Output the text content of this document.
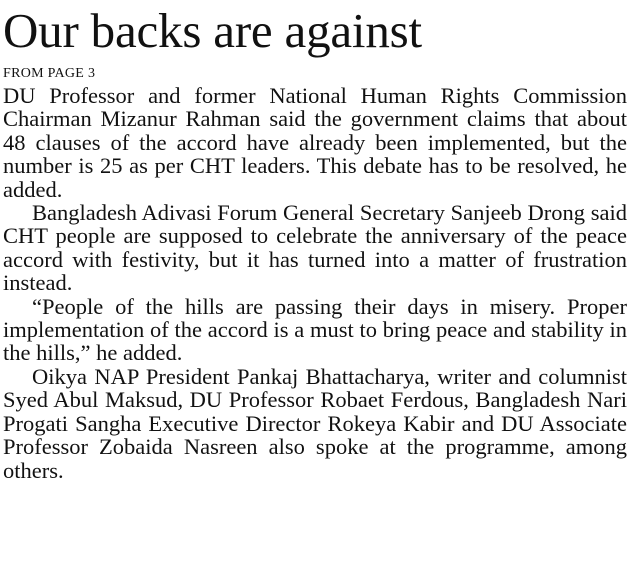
Our backs are against
FROM PAGE 3

DU Professor and former National Human Rights Commission Chairman Mizanur Rahman said the government claims that about 48 clauses of the accord have already been implemented, but the number is 25 as per CHT leaders. This debate has to be resolved, he added.

Bangladesh Adivasi Forum General Secretary Sanjeeb Drong said CHT people are supposed to celebrate the anniversary of the peace accord with festivity, but it has turned into a matter of frustration instead.

“People of the hills are passing their days in misery. Proper implementation of the accord is a must to bring peace and stability in the hills,” he added.

Oikya NAP President Pankaj Bhattacharya, writer and columnist Syed Abul Maksud, DU Professor Robaet Ferdous, Bangladesh Nari Progati Sangha Executive Director Rokeya Kabir and DU Associate Professor Zobaida Nasreen also spoke at the programme, among others.
